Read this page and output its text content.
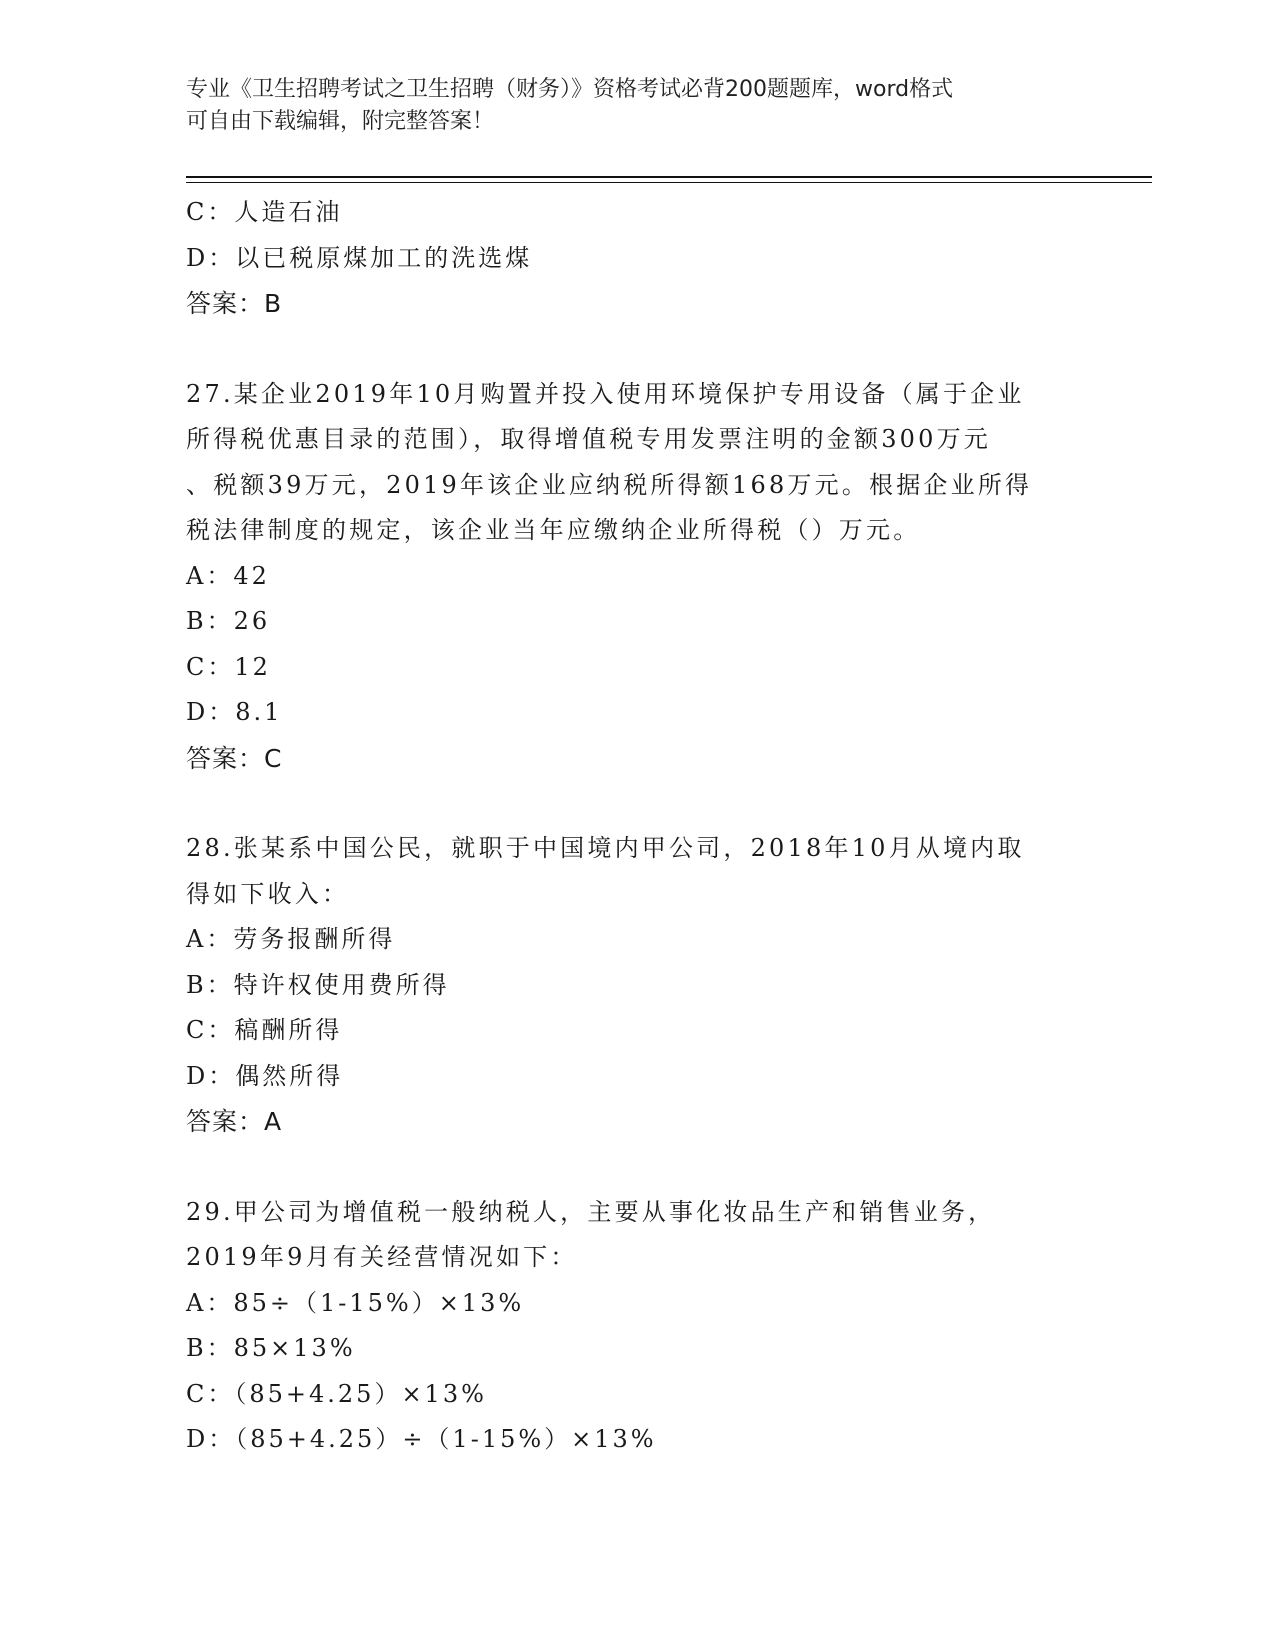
专业《卫生招聘考试之卫生招聘（财务）》资格考试必背200题题库，word格式
可自由下载编辑，附完整答案！
C：人造石油
D：以已税原煤加工的洗选煤
答案：B
27.某企业2019年10月购置并投入使用环境保护专用设备（属于企业
所得税优惠目录的范围），取得增值税专用发票注明的金额300万元
、税额39万元，2019年该企业应纳税所得额168万元。根据企业所得
税法律制度的规定，该企业当年应缴纳企业所得税（）万元。
A：42
B：26
C：12
D：8.1
答案：C
28.张某系中国公民，就职于中国境内甲公司，2018年10月从境内取
得如下收入：
A：劳务报酬所得
B：特许权使用费所得
C：稿酬所得
D：偶然所得
答案：A
29.甲公司为增值税一般纳税人，主要从事化妆品生产和销售业务，
2019年9月有关经营情况如下：
A：85÷（1-15%）×13%
B：85×13%
C：（85+4.25）×13%
D：（85+4.25）÷（1-15%）×13%
